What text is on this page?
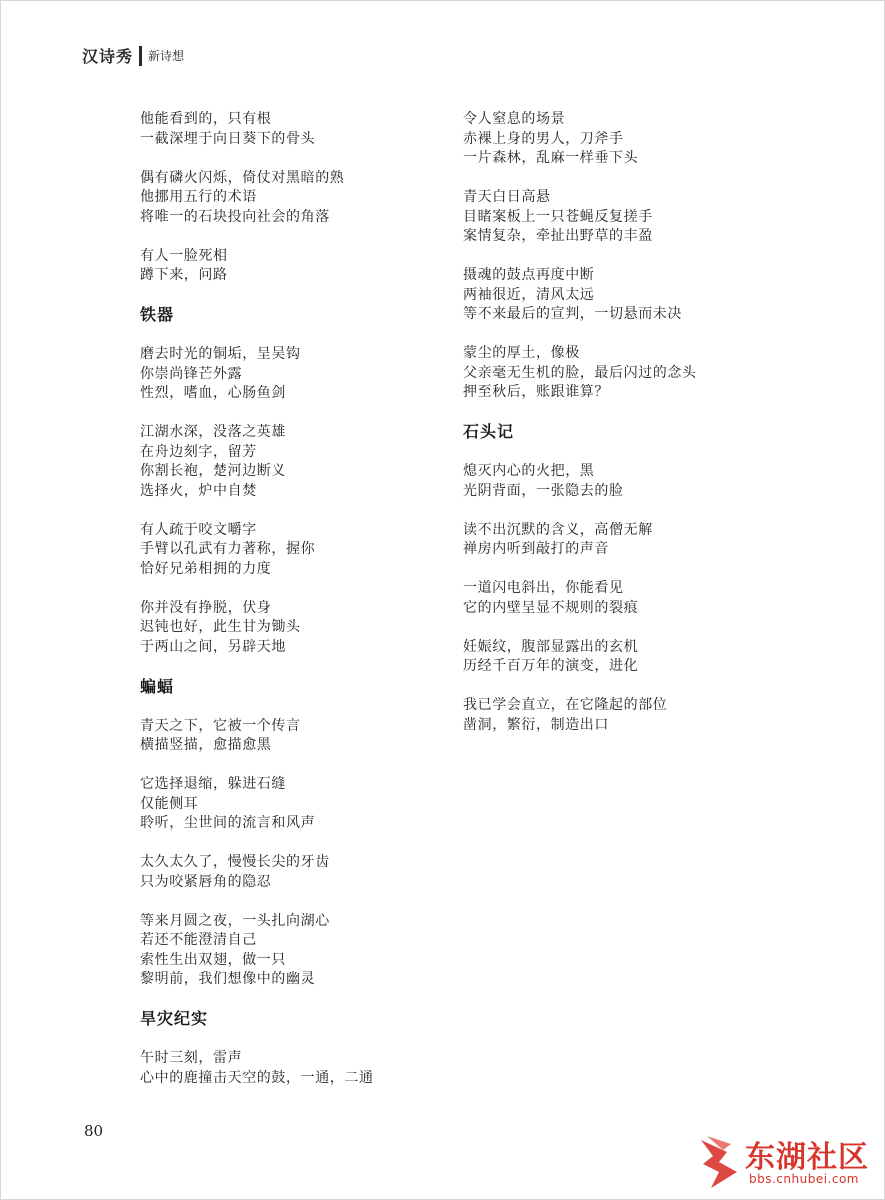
汉诗秀 新诗想
他能看到的，只有根
一截深埋于向日葵下的骨头
偶有磷火闪烁，倚仗对黑暗的熟
他挪用五行的术语
将唯一的石块投向社会的角落
有人一脸死相
蹲下来，问路
铁器
磨去时光的铜垢，呈吴钩
你崇尚锋芒外露
性烈，嗜血，心肠鱼剑
江湖水深，没落之英雄
在舟边刻字，留芳
你割长袍，楚河边断义
选择火，炉中自焚
有人疏于咬文嚼字
手臂以孔武有力著称，握你
恰好兄弟相拥的力度
你并没有挣脱，伏身
迟钝也好，此生甘为锄头
于两山之间，另辟天地
蝙蝠
青天之下，它被一个传言
横描竖描，愈描愈黑
它选择退缩，躲进石缝
仅能侧耳
聆听，尘世间的流言和风声
太久太久了，慢慢长尖的牙齿
只为咬紧唇角的隐忍
等来月圆之夜，一头扎向湖心
若还不能澄清自己
索性生出双翅，做一只
黎明前，我们想像中的幽灵
旱灾纪实
午时三刻，雷声
心中的鹿撞击天空的鼓，一通，二通
令人窒息的场景
赤裸上身的男人，刀斧手
一片森林，乱麻一样垂下头
青天白日高悬
目睹案板上一只苍蝇反复搓手
案情复杂，牵扯出野草的丰盈
摄魂的鼓点再度中断
两袖很近，清风太远
等不来最后的宣判，一切悬而未决
蒙尘的厚土，像极
父亲毫无生机的脸，最后闪过的念头
押至秋后，账跟谁算？
石头记
熄灭内心的火把，黑
光阴背面，一张隐去的脸
读不出沉默的含义，高僧无解
禅房内听到敲打的声音
一道闪电斜出，你能看见
它的内壁呈显不规则的裂痕
妊娠纹，腹部显露出的玄机
历经千百万年的演变，进化
我已学会直立，在它隆起的部位
凿洞，繁衍，制造出口
80
东湖社区
bbs.cnhubei.com
